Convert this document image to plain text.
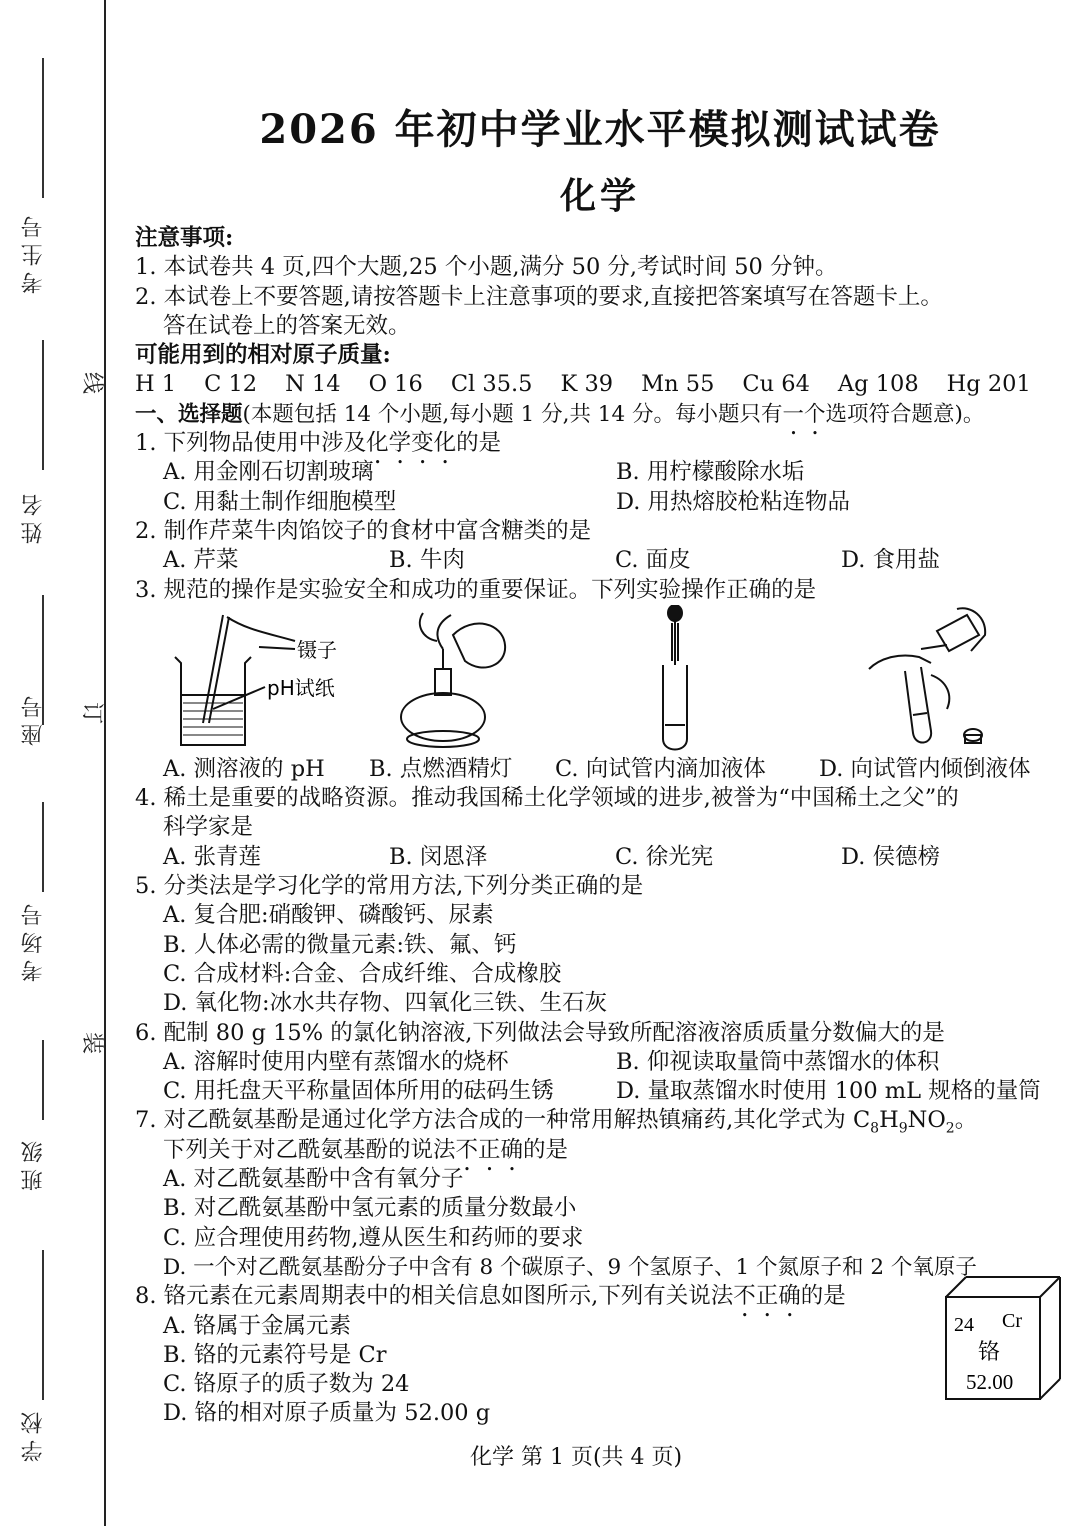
考生号
姓名
座号
考场号
班级
学校
线
订
装
2026 年初中学业水平模拟测试试卷
化学
注意事项:
1. 本试卷共 4 页,四个大题,25 个小题,满分 50 分,考试时间 50 分钟。
2. 本试卷上不要答题,请按答题卡上注意事项的要求,直接把答案填写在答题卡上。
答在试卷上的答案无效。
可能用到的相对原子质量:
H 1 C 12 N 14 O 16 Cl 35.5 K 39 Mn 55 Cu 64 Ag 108 Hg 201
一、选择题(本题包括 14 个小题,每小题 1 分,共 14 分。每小题只有一个选项符合题意)。
1. 下列物品使用中涉及化学变化的是
A. 用金刚石切割玻璃	B. 用柠檬酸除水垢
C. 用黏土制作细胞模型	D. 用热熔胶枪粘连物品
2. 制作芹菜牛肉馅饺子的食材中富含糖类的是
A. 芹菜	B. 牛肉	C. 面皮	D. 食用盐
3. 规范的操作是实验安全和成功的重要保证。下列实验操作正确的是
镊子
pH试纸
A. 测溶液的 pH B. 点燃酒精灯 C. 向试管内滴加液体 D. 向试管内倾倒液体
4. 稀土是重要的战略资源。推动我国稀土化学领域的进步,被誉为“中国稀土之父”的
科学家是
A. 张青莲	B. 闵恩泽	C. 徐光宪	D. 侯德榜
5. 分类法是学习化学的常用方法,下列分类正确的是
A. 复合肥:硝酸钾、磷酸钙、尿素
B. 人体必需的微量元素:铁、氟、钙
C. 合成材料:合金、合成纤维、合成橡胶
D. 氧化物:冰水共存物、四氧化三铁、生石灰
6. 配制 80 g 15% 的氯化钠溶液,下列做法会导致所配溶液溶质质量分数偏大的是
A. 溶解时使用内壁有蒸馏水的烧杯	B. 仰视读取量筒中蒸馏水的体积
C. 用托盘天平称量固体所用的砝码生锈	D. 量取蒸馏水时使用 100 mL 规格的量筒
7. 对乙酰氨基酚是通过化学方法合成的一种常用解热镇痛药,其化学式为 $C_8H_9NO_2$。
下列关于对乙酰氨基酚的说法不正确的是
A. 对乙酰氨基酚中含有氧分子
B. 对乙酰氨基酚中氢元素的质量分数最小
C. 应合理使用药物,遵从医生和药师的要求
D. 一个对乙酰氨基酚分子中含有 8 个碳原子、9 个氢原子、1 个氮原子和 2 个氧原子
8. 铬元素在元素周期表中的相关信息如图所示,下列有关说法不正确的是
A. 铬属于金属元素
B. 铬的元素符号是 Cr
C. 铬原子的质子数为 24
D. 铬的相对原子质量为 52.00 g
24 Cr
铬
52.00
化学 第 1 页(共 4 页)
